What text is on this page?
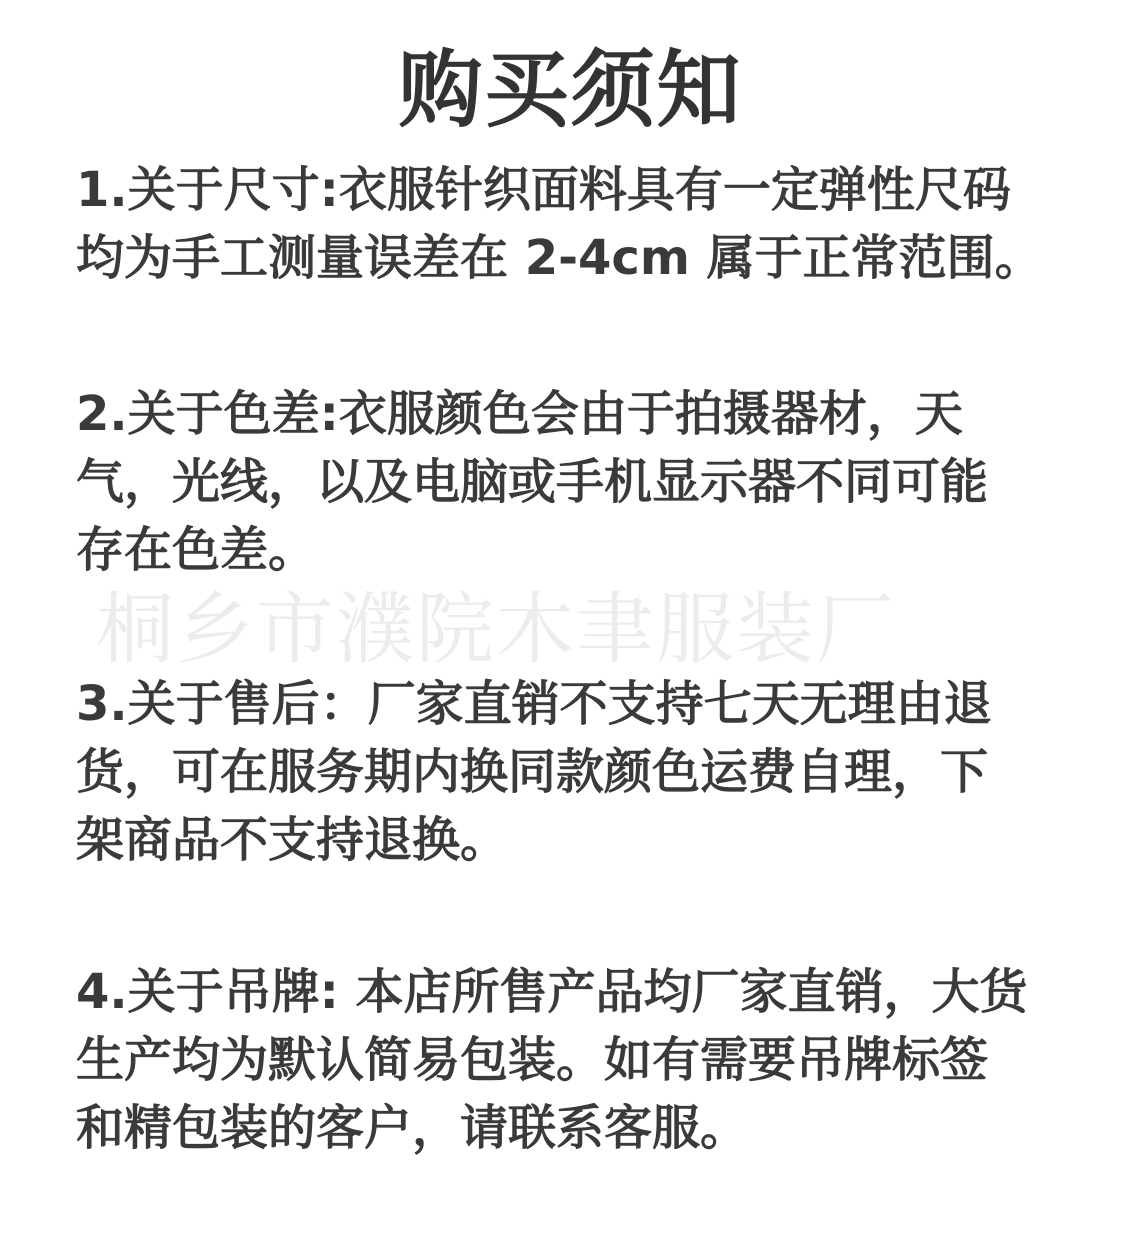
桐乡市濮院木聿服装厂
购买须知
1.关于尺寸:衣服针织面料具有一定弹性尺码
均为手工测量误差在 2-4cm 属于正常范围。
2.关于色差:衣服颜色会由于拍摄器材，天
气，光线，以及电脑或手机显示器不同可能
存在色差。
3.关于售后：厂家直销不支持七天无理由退
货，可在服务期内换同款颜色运费自理，下
架商品不支持退换。
4.关于吊牌: 本店所售产品均厂家直销，大货
生产均为默认简易包装。如有需要吊牌标签
和精包装的客户，请联系客服。
